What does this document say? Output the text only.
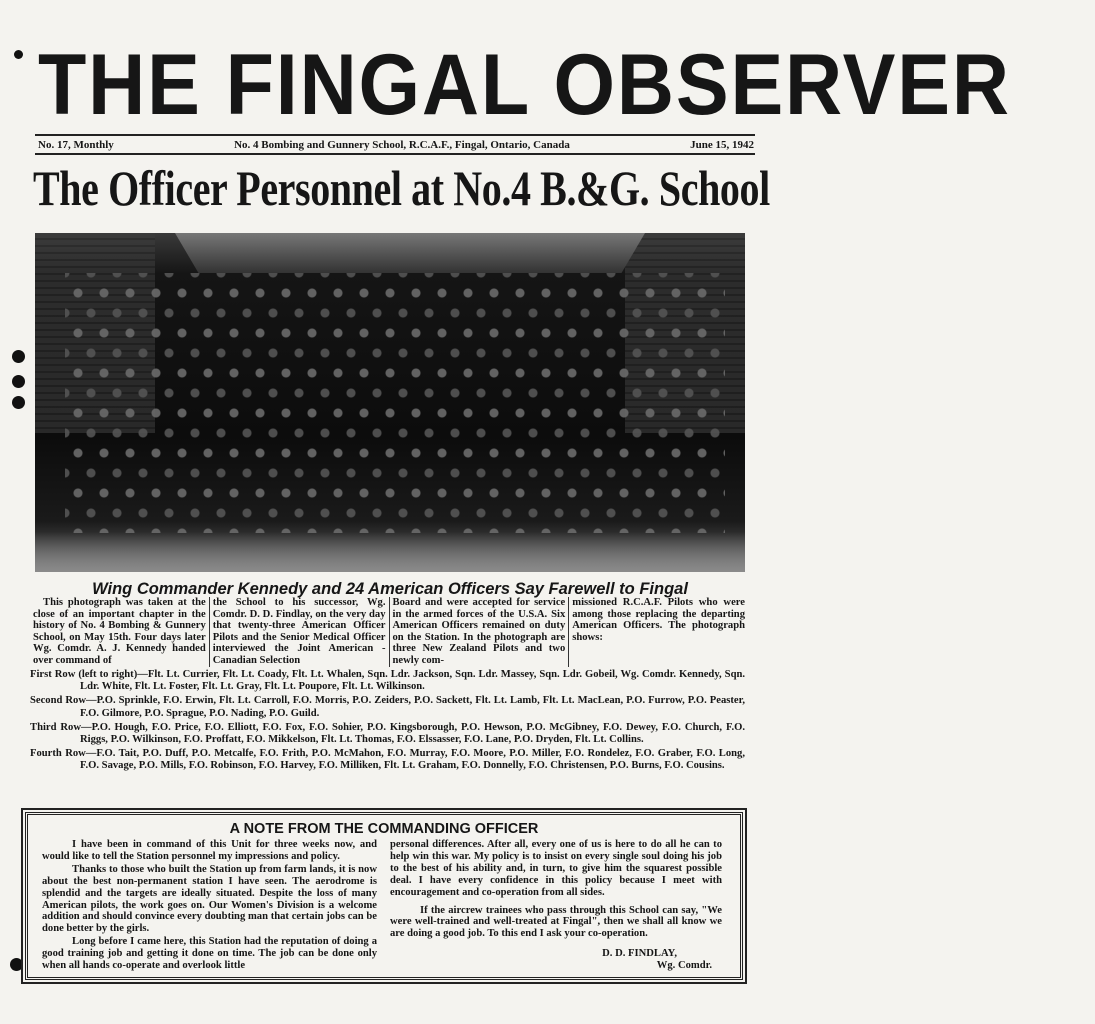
THE FINGAL OBSERVER
No. 17, Monthly	No. 4 Bombing and Gunnery School, R.C.A.F., Fingal, Ontario, Canada	June 15, 1942
The Officer Personnel at No.4 B.&G. School
Wing Commander Kennedy and 24 American Officers Say Farewell to Fingal

This photograph was taken at the close of an important chapter in the history of No. 4 Bombing & Gunnery School, on May 15th. Four days later Wg. Comdr. A. J. Kennedy handed over command of

the School to his successor, Wg. Comdr. D. D. Findlay, on the very day that twenty-three American Officer Pilots and the Senior Medical Officer interviewed the Joint American - Canadian Selection

Board and were accepted for service in the armed forces of the U.S.A. Six American Officers remained on duty on the Station. In the photograph are three New Zealand Pilots and two newly com-

missioned R.C.A.F. Pilots who were among those replacing the departing American Officers. The photograph shows:

First Row (left to right)—Flt. Lt. Currier, Flt. Lt. Coady, Flt. Lt. Whalen, Sqn. Ldr. Jackson, Sqn. Ldr. Massey, Sqn. Ldr. Gobeil, Wg. Comdr. Kennedy, Sqn. Ldr. White, Flt. Lt. Foster, Flt. Lt. Gray, Flt. Lt. Poupore, Flt. Lt. Wilkinson.
Second Row—P.O. Sprinkle, F.O. Erwin, Flt. Lt. Carroll, F.O. Morris, P.O. Zeiders, P.O. Sackett, Flt. Lt. Lamb, Flt. Lt. MacLean, P.O. Furrow, P.O. Peaster, F.O. Gilmore, P.O. Sprague, P.O. Nading, P.O. Guild.
Third Row—P.O. Hough, F.O. Price, F.O. Elliott, F.O. Fox, F.O. Sohier, P.O. Kingsborough, P.O. Hewson, P.O. McGibney, F.O. Dewey, F.O. Church, F.O. Riggs, P.O. Wilkinson, F.O. Proffatt, F.O. Mikkelson, Flt. Lt. Thomas, F.O. Elssasser, F.O. Lane, P.O. Dryden, Flt. Lt. Collins.
Fourth Row—F.O. Tait, P.O. Duff, P.O. Metcalfe, F.O. Frith, P.O. McMahon, F.O. Murray, F.O. Moore, P.O. Miller, F.O. Rondelez, F.O. Graber, F.O. Long, F.O. Savage, P.O. Mills, F.O. Robinson, F.O. Harvey, F.O. Milliken, Flt. Lt. Graham, F.O. Donnelly, F.O. Christensen, P.O. Burns, F.O. Cousins.
A NOTE FROM THE COMMANDING OFFICER

I have been in command of this Unit for three weeks now, and would like to tell the Station personnel my impressions and policy.

Thanks to those who built the Station up from farm lands, it is now about the best non-permanent station I have seen. The aerodrome is splendid and the targets are ideally situated. Despite the loss of many American pilots, the work goes on. Our Women's Division is a welcome addition and should convince every doubting man that certain jobs can be done better by the girls.

Long before I came here, this Station had the reputation of doing a good training job and getting it done on time. The job can be done only when all hands co-operate and overlook little

personal differences. After all, every one of us is here to do all he can to help win this war. My policy is to insist on every single soul doing his job to the best of his ability and, in turn, to give him the squarest possible deal. I have every confidence in this policy because I meet with encouragement and co-operation from all sides.

If the aircrew trainees who pass through this School can say, "We were well-trained and well-treated at Fingal", then we shall all know we are doing a good job. To this end I ask your co-operation.

D. D. FINDLAY,
Wg. Comdr.
